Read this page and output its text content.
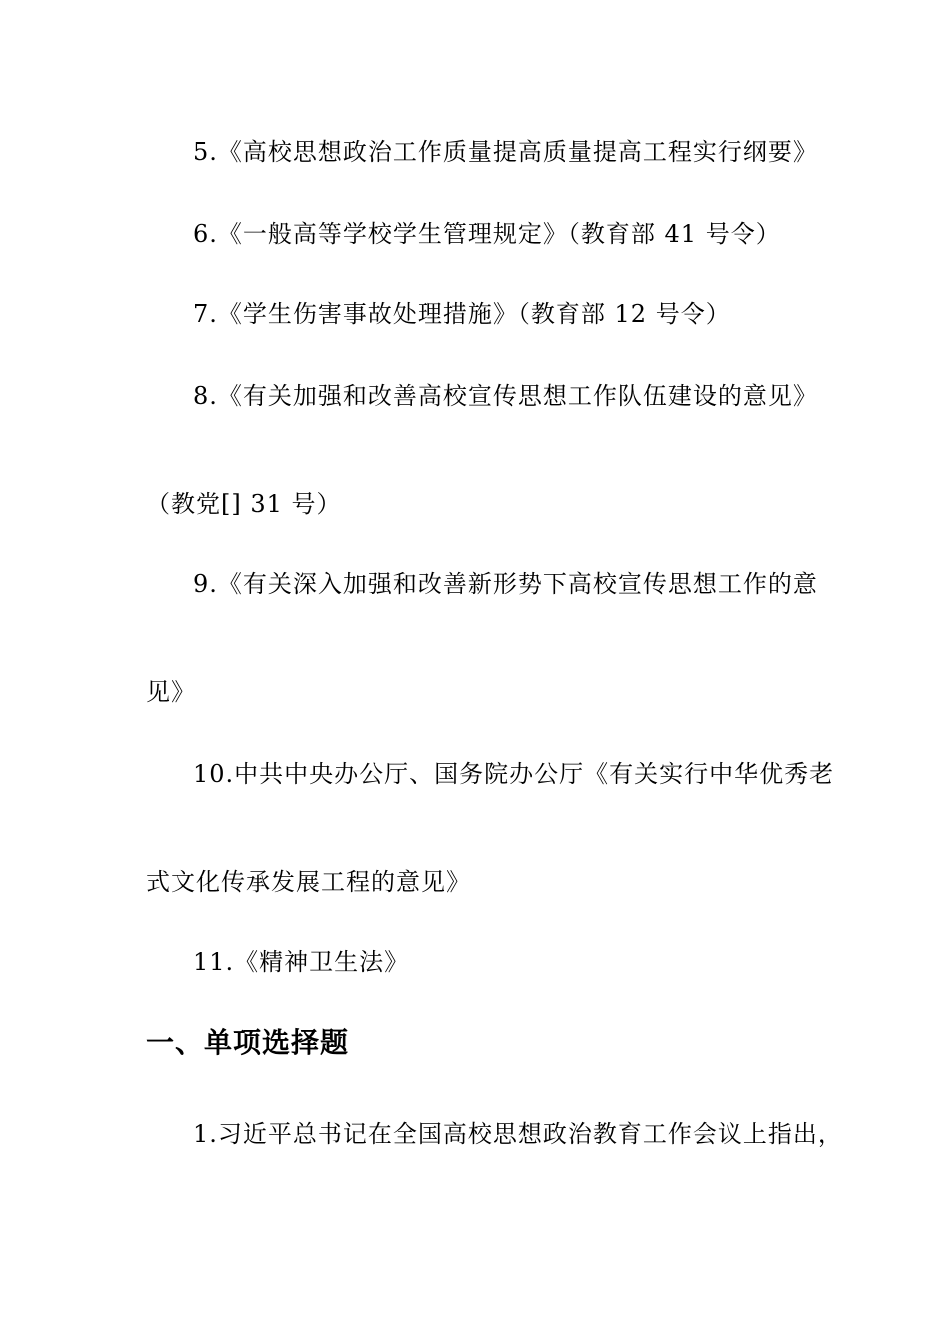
5.《高校思想政治工作质量提高质量提高工程实行纲要》
6.《一般高等学校学生管理规定》（教育部 41 号令）
7.《学生伤害事故处理措施》（教育部 12 号令）
8.《有关加强和改善高校宣传思想工作队伍建设的意见》
（教党[] 31 号）
9.《有关深入加强和改善新形势下高校宣传思想工作的意
见》
10.中共中央办公厅、国务院办公厅《有关实行中华优秀老
式文化传承发展工程的意见》
11.《精神卫生法》
一、单项选择题
1.习近平总书记在全国高校思想政治教育工作会议上指出，
